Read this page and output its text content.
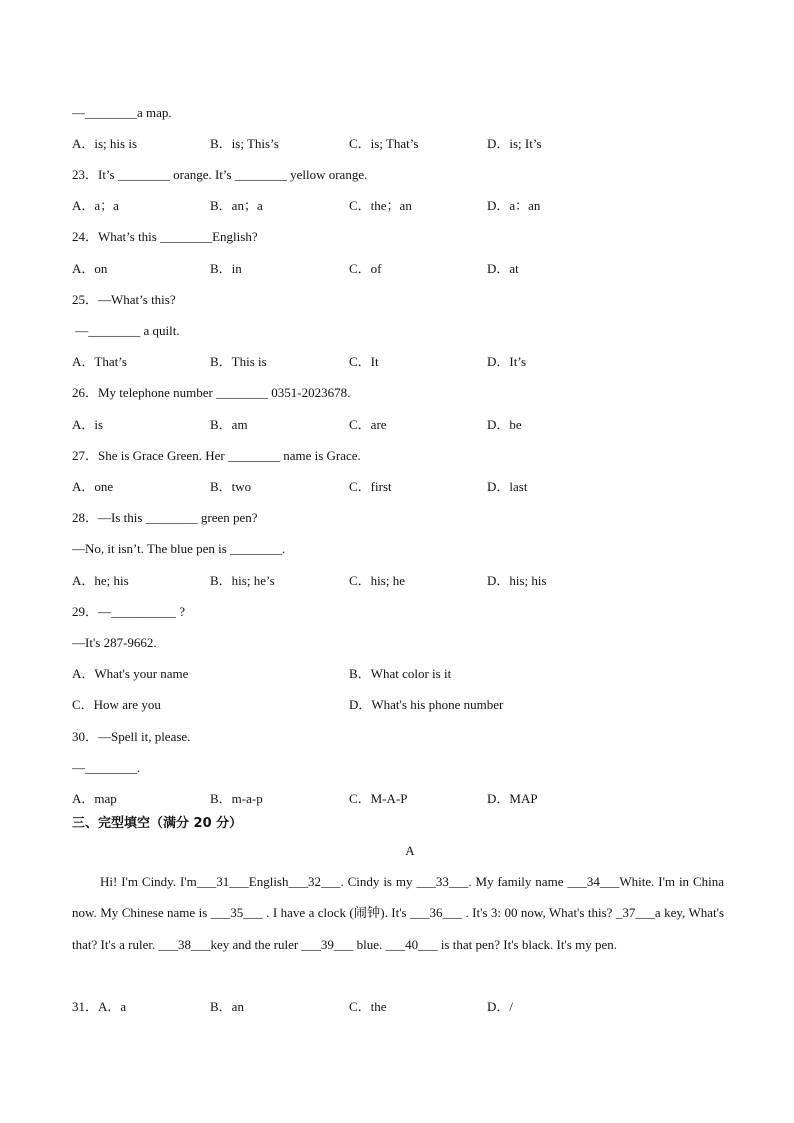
—________a map.
A．is; his is	B．is; This’s	C．is; That’s	D．is; It’s
23．It’s ________ orange. It’s ________ yellow orange.
A．a；a	B．an；a	C．the；an	D．a：an
24．What’s this ________English?
A．on	B．in	C．of	D．at
25．—What’s this?
—________ a quilt.
A．That’s	B．This is	C．It	D．It’s
26．My telephone number ________ 0351-2023678.
A．is	B．am	C．are	D．be
27．She is Grace Green. Her ________ name is Grace.
A．one	B．two	C．first	D．last
28．—Is this ________ green pen?
—No, it isn’t. The blue pen is ________.
A．he; his	B．his; he’s	C．his; he	D．his; his
29．—__________ ?
—It's 287-9662.
A．What's your name	B．What color is it
C．How are you	D．What's his phone number
30．—Spell it, please.
—________.
A．map	B．m-a-p	C．M-A-P	D．MAP
三、完型填空（满分 20 分）
A
Hi! I'm Cindy. I'm___31___English___32___. Cindy is my ___33___. My family name ___34___White. I'm in China now. My Chinese name is ___35___ . I have a clock (闹钟). It's ___36___ . It's 3: 00 now, What's this? _37___a key, What's that? It's a ruler. ___38___key and the ruler ___39___ blue. ___40___ is that pen? It's black. It's my pen.
31．A．a	B．an	C．the	D．/
